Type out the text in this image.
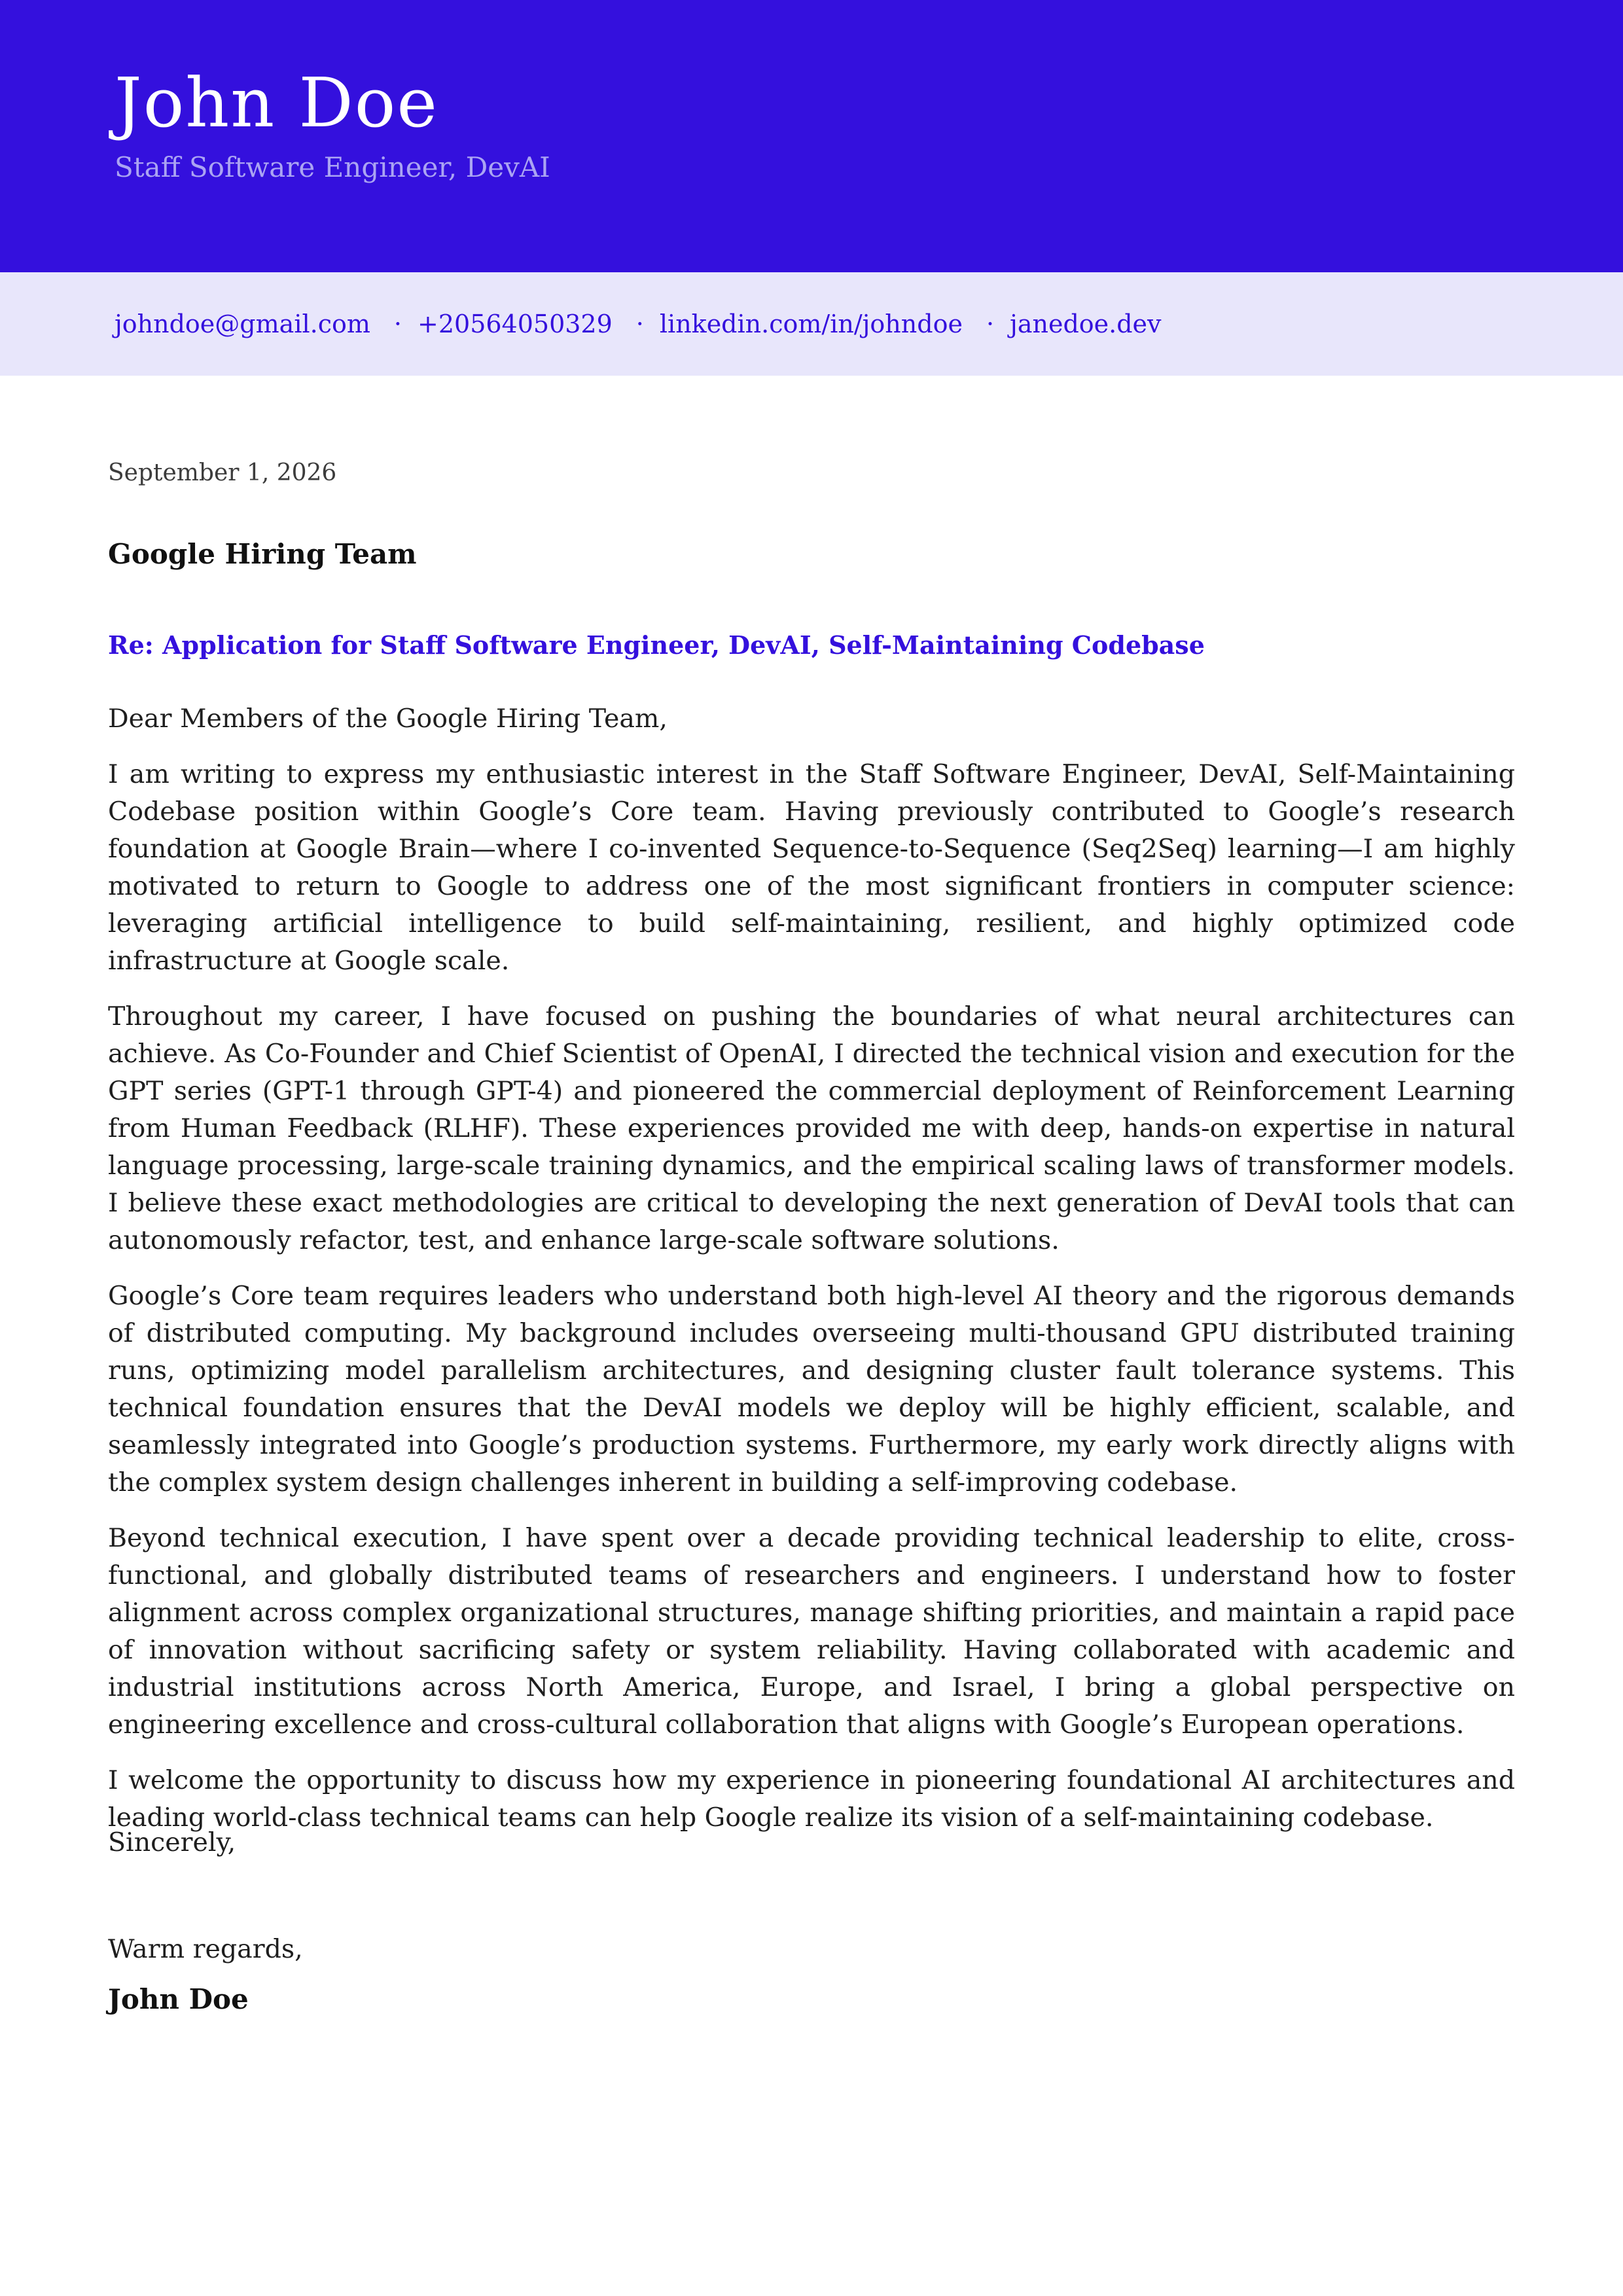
John Doe
Staff Software Engineer, DevAI
johndoe@gmail.com · +20564050329 · linkedin.com/in/johndoe · janedoe.dev
September 1, 2026
Google Hiring Team
Re: Application for Staff Software Engineer, DevAI, Self-Maintaining Codebase

Dear Members of the Google Hiring Team,

I am writing to express my enthusiastic interest in the Staff Software Engineer, DevAI, Self-Maintaining Codebase position within Google’s Core team. Having previously contributed to Google’s research foundation at Google Brain—where I co-invented Sequence-to-Sequence (Seq2Seq) learning—I am highly motivated to return to Google to address one of the most significant frontiers in computer science: leveraging artificial intelligence to build self-maintaining, resilient, and highly optimized code infrastructure at Google scale.

Throughout my career, I have focused on pushing the boundaries of what neural architectures can achieve. As Co-Founder and Chief Scientist of OpenAI, I directed the technical vision and execution for the GPT series (GPT-1 through GPT-4) and pioneered the commercial deployment of Reinforcement Learning from Human Feedback (RLHF). These experiences provided me with deep, hands-on expertise in natural language processing, large-scale training dynamics, and the empirical scaling laws of transformer models. I believe these exact methodologies are critical to developing the next generation of DevAI tools that can autonomously refactor, test, and enhance large-scale software solutions.

Google’s Core team requires leaders who understand both high-level AI theory and the rigorous demands of distributed computing. My background includes overseeing multi-thousand GPU distributed training runs, optimizing model parallelism architectures, and designing cluster fault tolerance systems. This technical foundation ensures that the DevAI models we deploy will be highly efficient, scalable, and seamlessly integrated into Google’s production systems. Furthermore, my early work directly aligns with the complex system design challenges inherent in building a self-improving codebase.

Beyond technical execution, I have spent over a decade providing technical leadership to elite, cross-functional, and globally distributed teams of researchers and engineers. I understand how to foster alignment across complex organizational structures, manage shifting priorities, and maintain a rapid pace of innovation without sacrificing safety or system reliability. Having collaborated with academic and industrial institutions across North America, Europe, and Israel, I bring a global perspective on engineering excellence and cross-cultural collaboration that aligns with Google’s European operations.

I welcome the opportunity to discuss how my experience in pioneering foundational AI architectures and leading world-class technical teams can help Google realize its vision of a self-maintaining codebase.

Sincerely,
Warm regards,
John Doe
